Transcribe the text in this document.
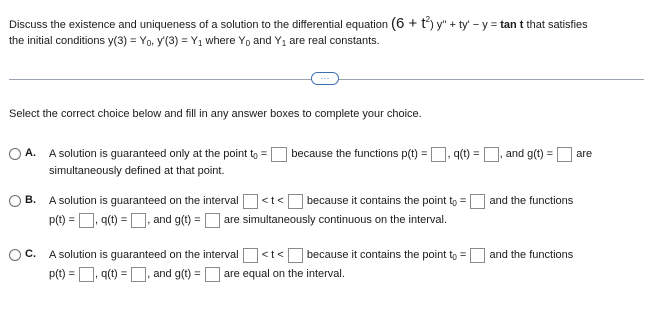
Discuss the existence and uniqueness of a solution to the differential equation $(6 + t^2)$ y'' + ty' − y = tan t that satisfies
the initial conditions $y(3) = Y_0$, $y'(3) = Y_1$ where $Y_0$ and $Y_1$ are real constants.
···
Select the correct choice below and fill in any answer boxes to complete your choice.
A. A solution is guaranteed only at the point $t_0$ = because the functions p(t) = , q(t) = , and g(t) = are
simultaneously defined at that point.
B. A solution is guaranteed on the interval < t < because it contains the point $t_0$ = and the functions
p(t) = , q(t) = , and g(t) = are simultaneously continuous on the interval.
C. A solution is guaranteed on the interval < t < because it contains the point $t_0$ = and the functions
p(t) = , q(t) = , and g(t) = are equal on the interval.
